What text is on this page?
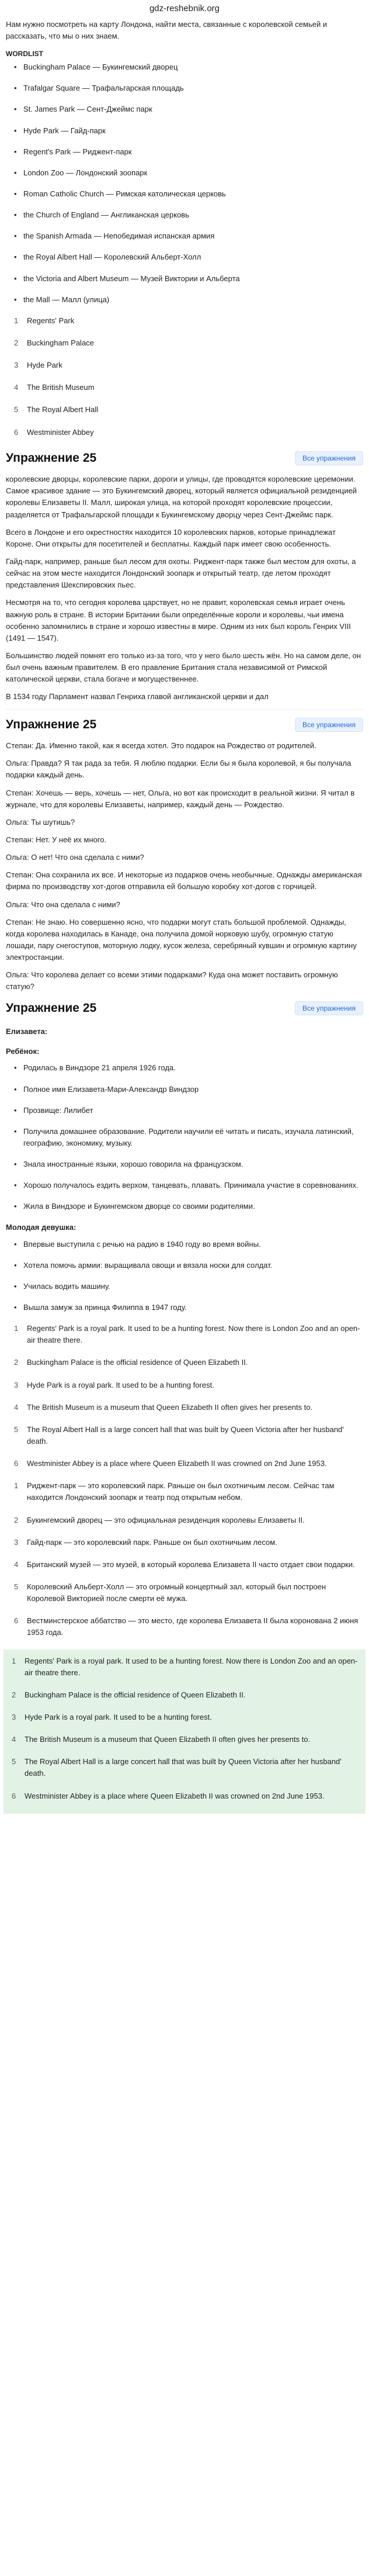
gdz-reshebnik.org

Нам нужно посмотреть на карту Лондона, найти места, связанные с королевской семьей и рассказать, что мы о них знаем.

WORDLIST
• Buckingham Palace — Букингемский дворец
• Trafalgar Square — Трафальгарская площадь
• St. James Park — Сент-Джеймс парк
• Hyde Park — Гайд-парк
• Regent's Park — Риджент-парк
• London Zoo — Лондонский зоопарк
• Roman Catholic Church — Римская католическая церковь
• the Church of England — Англиканская церковь
• the Spanish Armada — Непобедимая испанская армия
• the Royal Albert Hall — Королевский Альберт-Холл
• the Victoria and Albert Museum — Музей Виктории и Альберта
• the Mall — Малл (улица)
1 Regents' Park
2 Buckingham Palace
3 Hyde Park
4 The British Museum
5 The Royal Albert Hall
6 Westminister Abbey
Упражнение 25	Все упражнения

королевские дворцы, королевские парки, дороги и улицы, где проводятся королевские церемонии. Самое красивое здание — это Букингемский дворец, который является официальной резиденцией королевы Елизаветы II. Малл, широкая улица, на которой проходят королевские процессии, разделяется от Трафальгарской площади к Букингемскому дворцу через Сент-Джеймс парк.

Всего в Лондоне и его окрестностях находится 10 королевских парков, которые принадлежат Короне. Они открыты для посетителей и бесплатны. Каждый парк имеет свою особенность.

Гайд-парк, например, раньше был лесом для охоты. Риджент-парк также был местом для охоты, а сейчас на этом месте находится Лондонский зоопарк и открытый театр, где летом проходят представления Шекспировских пьес.

Несмотря на то, что сегодня королева царствует, но не правит, королевская семья играет очень важную роль в стране. В истории Британии были определённые короли и королевы, чьи имена особенно запомнились в стране и хорошо известны в мире. Одним из них был король Генрих VIII (1491 — 1547).

Большинство людей помнят его только из-за того, что у него было шесть жён. Но на самом деле, он был очень важным правителем. В его правление Британия стала независимой от Римской католической церкви, стала богаче и могущественнее.

В 1534 году Парламент назвал Генриха главой англиканской церкви и дал

Упражнение 25	Все упражнения

Степан: Да. Именно такой, как я всегда хотел. Это подарок на Рождество от родителей.

Ольга: Правда? Я так рада за тебя. Я люблю подарки. Если бы я была королевой, я бы получала подарки каждый день.

Степан: Хочешь — верь, хочешь — нет, Ольга, но вот как происходит в реальной жизни. Я читал в журнале, что для королевы Елизаветы, например, каждый день — Рождество.

Ольга: Ты шутишь?

Степан: Нет. У неё их много.

Ольга: О нет! Что она сделала с ними?

Степан: Она сохранила их все. И некоторые из подарков очень необычные. Однажды американская фирма по производству хот-догов отправила ей большую коробку хот-догов с горчицей.

Ольга: Что она сделала с ними?

Степан: Не знаю. Но совершенно ясно, что подарки могут стать большой проблемой. Однажды, когда королева находилась в Канаде, она получила домой норковую шубу, огромную статую лошади, пару снегоступов, моторную лодку, кусок железа, серебряный кувшин и огромную картину электростанции.

Ольга: Что королева делает со всеми этими подарками? Куда она может поставить огромную статую?

Упражнение 25	Все упражнения
Елизавета:
Ребёнок:
• Родилась в Виндзоре 21 апреля 1926 года.
• Полное имя Елизавета-Мари-Александр Виндзор
• Прозвище: Лилибет
• Получила домашнее образование. Родители научили её читать и писать, изучала латинский, географию, экономику, музыку.
• Знала иностранные языки, хорошо говорила на французском.
• Хорошо получалось ездить верхом, танцевать, плавать. Принимала участие в соревнованиях.
• Жила в Виндзоре и Букингемском дворце со своими родителями.
Молодая девушка:
• Впервые выступила с речью на радио в 1940 году во время войны.
• Хотела помочь армии: выращивала овощи и вязала носки для солдат.
• Училась водить машину.
• Вышла замуж за принца Филиппа в 1947 году.
1 Regents' Park is a royal park. It used to be a hunting forest. Now there is London Zoo and an open-air theatre there.
2 Buckingham Palace is the official residence of Queen Elizabeth II.
3 Hyde Park is a royal park. It used to be a hunting forest.
4 The British Museum is a museum that Queen Elizabeth II often gives her presents to.
5 The Royal Albert Hall is a large concert hall that was built by Queen Victoria after her husband' death.
6 Westminister Abbey is a place where Queen Elizabeth II was crowned on 2nd June 1953.
1 Риджент-парк — это королевский парк. Раньше он был охотничьим лесом. Сейчас там находится Лондонский зоопарк и театр под открытым небом.
2 Букингемский дворец — это официальная резиденция королевы Елизаветы II.
3 Гайд-парк — это королевский парк. Раньше он был охотничьим лесом.
4 Британский музей — это музей, в который королева Елизавета II часто отдает свои подарки.
5 Королевский Альберт-Холл — это огромный концертный зал, который был построен Королевой Викторией после смерти её мужа.
6 Вестминстерское аббатство — это место, где королева Елизавета II была коронована 2 июня 1953 года.
1 Regents' Park is a royal park. It used to be a hunting forest. Now there is London Zoo and an open-air theatre there.
2 Buckingham Palace is the official residence of Queen Elizabeth II.
3 Hyde Park is a royal park. It used to be a hunting forest.
4 The British Museum is a museum that Queen Elizabeth II often gives her presents to.
5 The Royal Albert Hall is a large concert hall that was built by Queen Victoria after her husband' death.
6 Westminister Abbey is a place where Queen Elizabeth II was crowned on 2nd June 1953.
